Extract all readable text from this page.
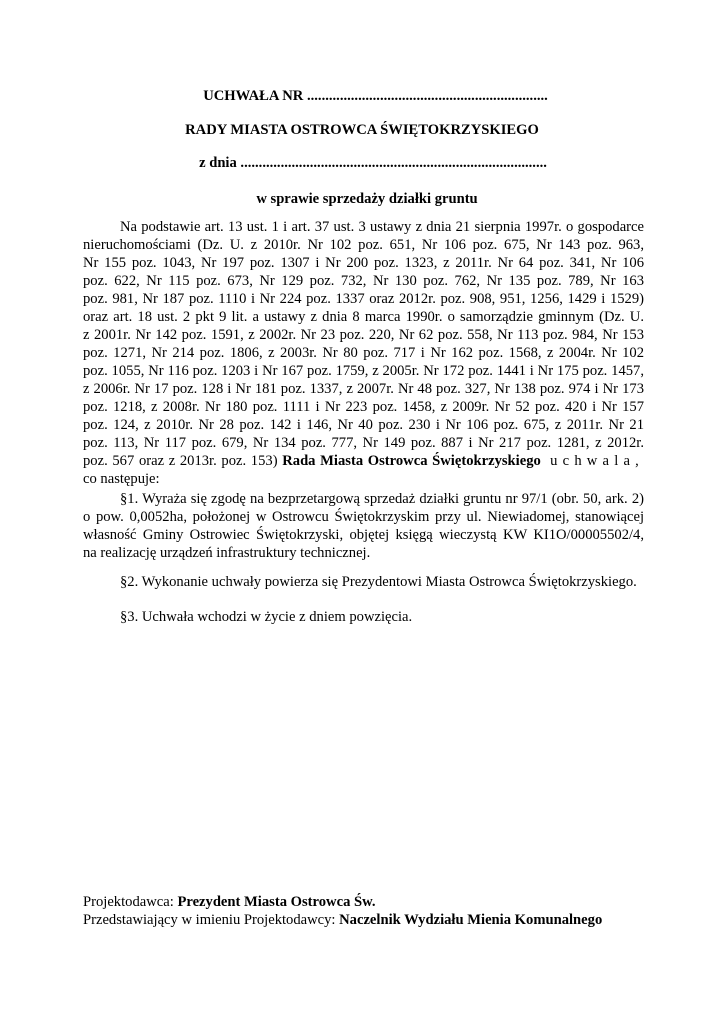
UCHWAŁA NR ..................................................................
RADY MIASTA OSTROWCA ŚWIĘTOKRZYSKIEGO
z dnia ....................................................................................
w sprawie sprzedaży działki gruntu
Na podstawie art. 13 ust. 1 i art. 37 ust. 3 ustawy z dnia 21 sierpnia 1997r. o gospodarce
nieruchomościami (Dz. U. z 2010r. Nr 102 poz. 651, Nr 106 poz. 675, Nr 143 poz. 963,
Nr 155 poz. 1043, Nr 197 poz. 1307 i Nr 200 poz. 1323, z 2011r. Nr 64 poz. 341, Nr 106
poz. 622, Nr 115 poz. 673, Nr 129 poz. 732, Nr 130 poz. 762, Nr 135 poz. 789, Nr 163
poz. 981, Nr 187 poz. 1110 i Nr 224 poz. 1337 oraz 2012r. poz. 908, 951, 1256, 1429 i 1529)
oraz art. 18 ust. 2 pkt 9 lit. a ustawy z dnia 8 marca 1990r. o samorządzie gminnym (Dz. U.
z 2001r. Nr 142 poz. 1591, z 2002r. Nr 23 poz. 220, Nr 62 poz. 558, Nr 113 poz. 984, Nr 153
poz. 1271, Nr 214 poz. 1806, z 2003r. Nr 80 poz. 717 i Nr 162 poz. 1568, z 2004r. Nr 102
poz. 1055, Nr 116 poz. 1203 i Nr 167 poz. 1759, z 2005r. Nr 172 poz. 1441 i Nr 175 poz. 1457,
z 2006r. Nr 17 poz. 128 i Nr 181 poz. 1337, z 2007r. Nr 48 poz. 327, Nr 138 poz. 974 i Nr 173
poz. 1218, z 2008r. Nr 180 poz. 1111 i Nr 223 poz. 1458, z 2009r. Nr 52 poz. 420 i Nr 157
poz. 124, z 2010r. Nr 28 poz. 142 i 146, Nr 40 poz. 230 i Nr 106 poz. 675, z 2011r. Nr 21
poz. 113, Nr 117 poz. 679, Nr 134 poz. 777, Nr 149 poz. 887 i Nr 217 poz. 1281, z 2012r.
poz. 567 oraz z 2013r. poz. 153) Rada Miasta Ostrowca Świętokrzyskiego uchwala,
co następuje:
§1. Wyraża się zgodę na bezprzetargową sprzedaż działki gruntu nr 97/1 (obr. 50, ark. 2)
o pow. 0,0052ha, położonej w Ostrowcu Świętokrzyskim przy ul. Niewiadomej, stanowiącej
własność Gminy Ostrowiec Świętokrzyski, objętej księgą wieczystą KW KI1O/00005502/4,
na realizację urządzeń infrastruktury technicznej.
§2. Wykonanie uchwały powierza się Prezydentowi Miasta Ostrowca Świętokrzyskiego.
§3. Uchwała wchodzi w życie z dniem powzięcia.
Projektodawca: Prezydent Miasta Ostrowca Św.
Przedstawiający w imieniu Projektodawcy: Naczelnik Wydziału Mienia Komunalnego
